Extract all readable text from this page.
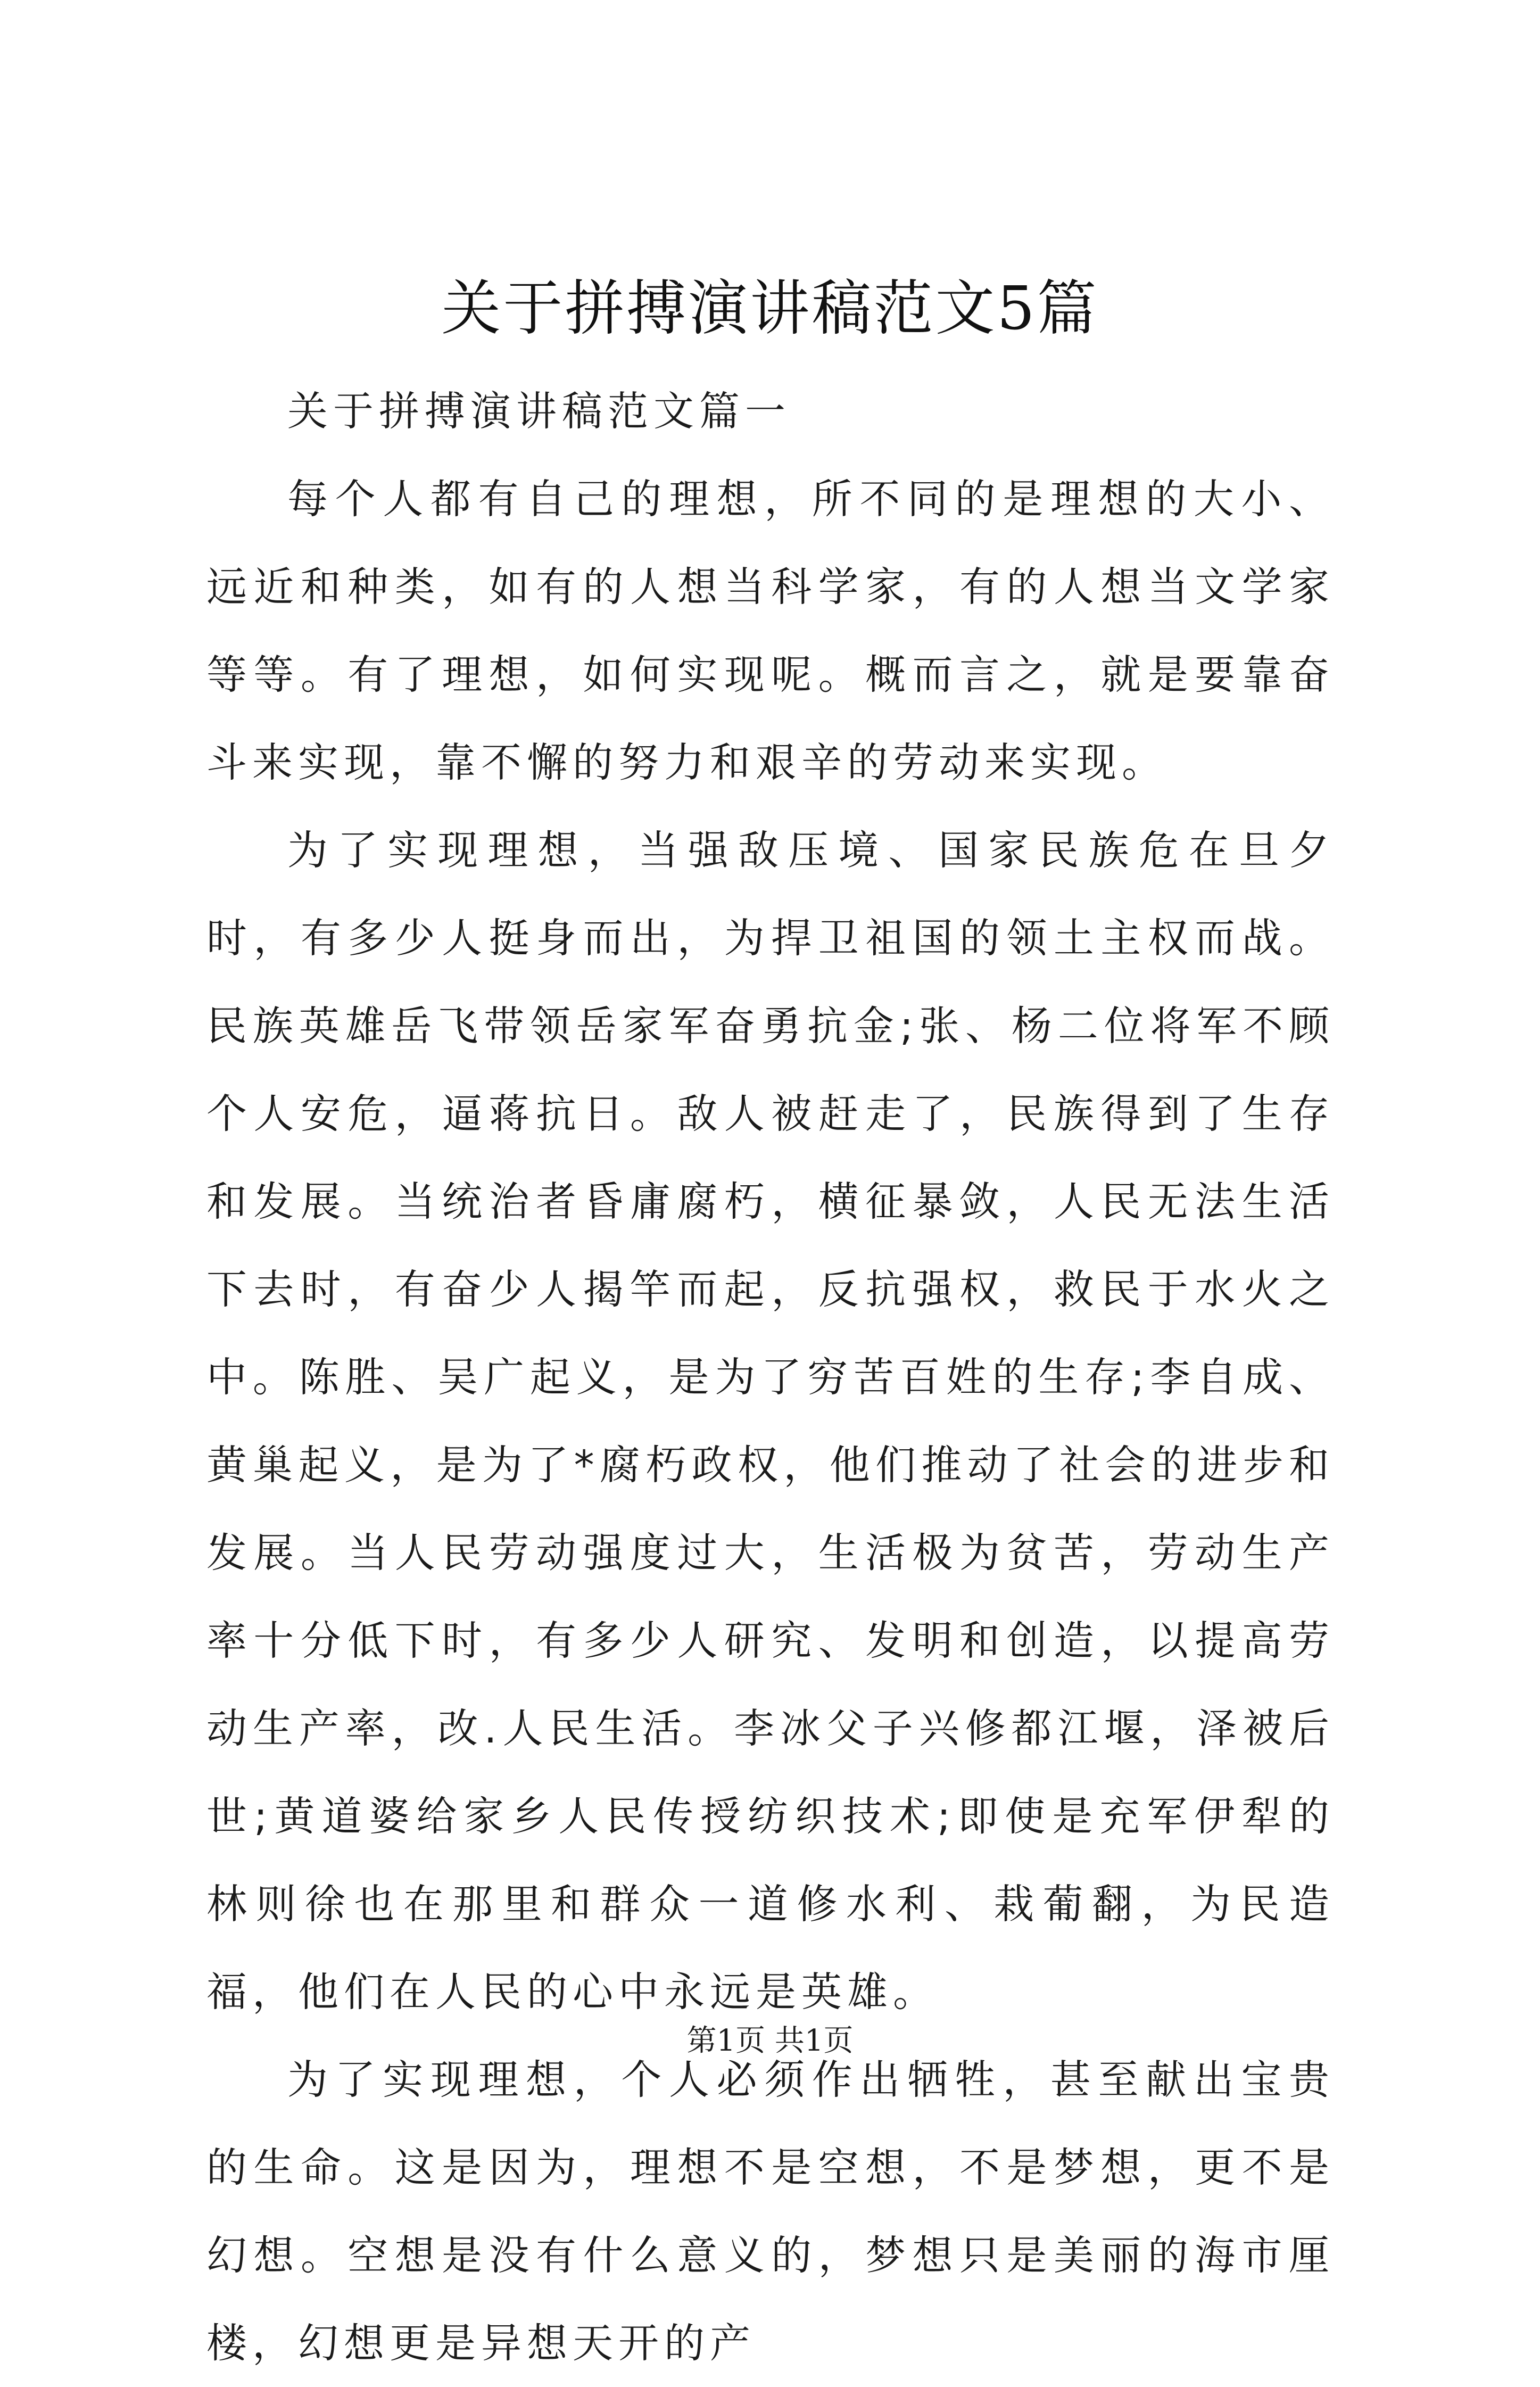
关于拼搏演讲稿范文5篇

关于拼搏演讲稿范文篇一

每个人都有自己的理想，所不同的是理想的大小、远近和种类，如有的人想当科学家，有的人想当文学家等等。有了理想，如何实现呢。概而言之，就是要靠奋斗来实现，靠不懈的努力和艰辛的劳动来实现。

为了实现理想，当强敌压境、国家民族危在旦夕时，有多少人挺身而出，为捍卫祖国的领土主权而战。民族英雄岳飞带领岳家军奋勇抗金;张、杨二位将军不顾个人安危，逼蒋抗日。敌人被赶走了，民族得到了生存和发展。当统治者昏庸腐朽，横征暴敛，人民无法生活下去时，有奋少人揭竿而起，反抗强权，救民于水火之中。陈胜、吴广起义，是为了穷苦百姓的生存;李自成、黄巢起义，是为了*腐朽政权，他们推动了社会的进步和发展。当人民劳动强度过大，生活极为贫苦，劳动生产率十分低下时，有多少人研究、发明和创造，以提高劳动生产率，改.人民生活。李冰父子兴修都江堰，泽被后世;黄道婆给家乡人民传授纺织技术;即使是充军伊犁的林则徐也在那里和群众一道修水利、栽葡翻，为民造福，他们在人民的心中永远是英雄。

为了实现理想，个人必须作出牺牲，甚至献出宝贵的生命。这是因为，理想不是空想，不是梦想，更不是幻想。空想是没有什么意义的，梦想只是美丽的海市厘楼，幻想更是异想天开的产

第1页 共1页
